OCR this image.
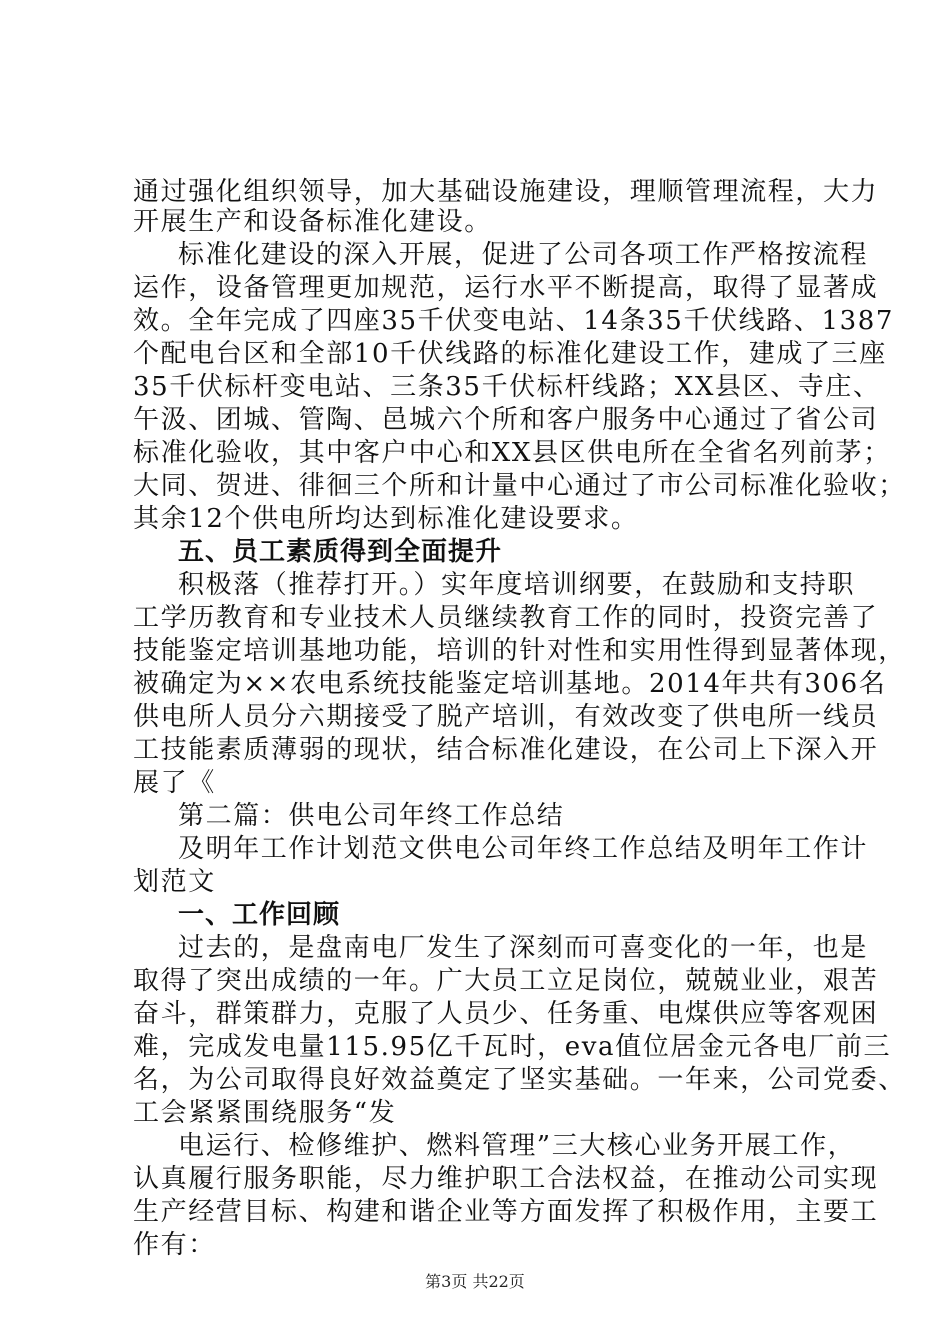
通过强化组织领导，加大基础设施建设，理顺管理流程，大力
开展生产和设备标准化建设。
标准化建设的深入开展，促进了公司各项工作严格按流程
运作，设备管理更加规范，运行水平不断提高，取得了显著成
效。全年完成了四座35千伏变电站、14条35千伏线路、1387
个配电台区和全部10千伏线路的标准化建设工作，建成了三座
35千伏标杆变电站、三条35千伏标杆线路；XX县区、寺庄、
午汲、团城、管陶、邑城六个所和客户服务中心通过了省公司
标准化验收，其中客户中心和XX县区供电所在全省名列前茅；
大同、贺进、徘徊三个所和计量中心通过了市公司标准化验收；
其余12个供电所均达到标准化建设要求。
五、员工素质得到全面提升
积极落（推荐打开。）实年度培训纲要，在鼓励和支持职
工学历教育和专业技术人员继续教育工作的同时，投资完善了
技能鉴定培训基地功能，培训的针对性和实用性得到显著体现，
被确定为××农电系统技能鉴定培训基地。2014年共有306名
供电所人员分六期接受了脱产培训，有效改变了供电所一线员
工技能素质薄弱的现状，结合标准化建设，在公司上下深入开
展了《
第二篇：供电公司年终工作总结
及明年工作计划范文供电公司年终工作总结及明年工作计
划范文
一、工作回顾
过去的，是盘南电厂发生了深刻而可喜变化的一年，也是
取得了突出成绩的一年。广大员工立足岗位，兢兢业业，艰苦
奋斗，群策群力，克服了人员少、任务重、电煤供应等客观困
难，完成发电量115.95亿千瓦时，eva值位居金元各电厂前三
名，为公司取得良好效益奠定了坚实基础。一年来，公司党委、
工会紧紧围绕服务“发
电运行、检修维护、燃料管理”三大核心业务开展工作，
认真履行服务职能，尽力维护职工合法权益，在推动公司实现
生产经营目标、构建和谐企业等方面发挥了积极作用，主要工
作有：
第3页 共22页
